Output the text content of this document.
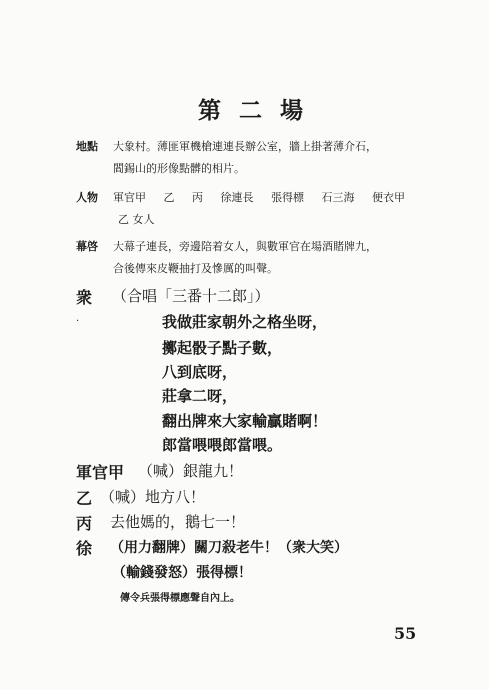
第二場
地點 大象村。薄匪軍機槍連連長辦公室，牆上掛著薄介石，
閻錫山的形像點髒的相片。
人物 軍官甲 乙 丙 徐連長 張得標 石三海 便衣甲
乙 女人
幕啓 大幕子連長，旁邊陪着女人，與數軍官在場酒賭牌九，
合後傳來皮鞭抽打及慘厲的叫聲。
衆 （合唱「三番十二郎」）
.	我做莊家朝外之格坐呀，
擲起骰子點子數，
八到底呀，
莊拿二呀，
翻出牌來大家輸贏賭啊！
郎當喂喂郎當喂。
軍官甲 （喊）銀龍九！
乙 （喊）地方八！
丙 去他媽的，鵝七一！
徐 （用力翻牌）關刀殺老牛！（衆大笑）
（輸錢發怒）張得標！
傳令兵張得標應聲自內上。
55
